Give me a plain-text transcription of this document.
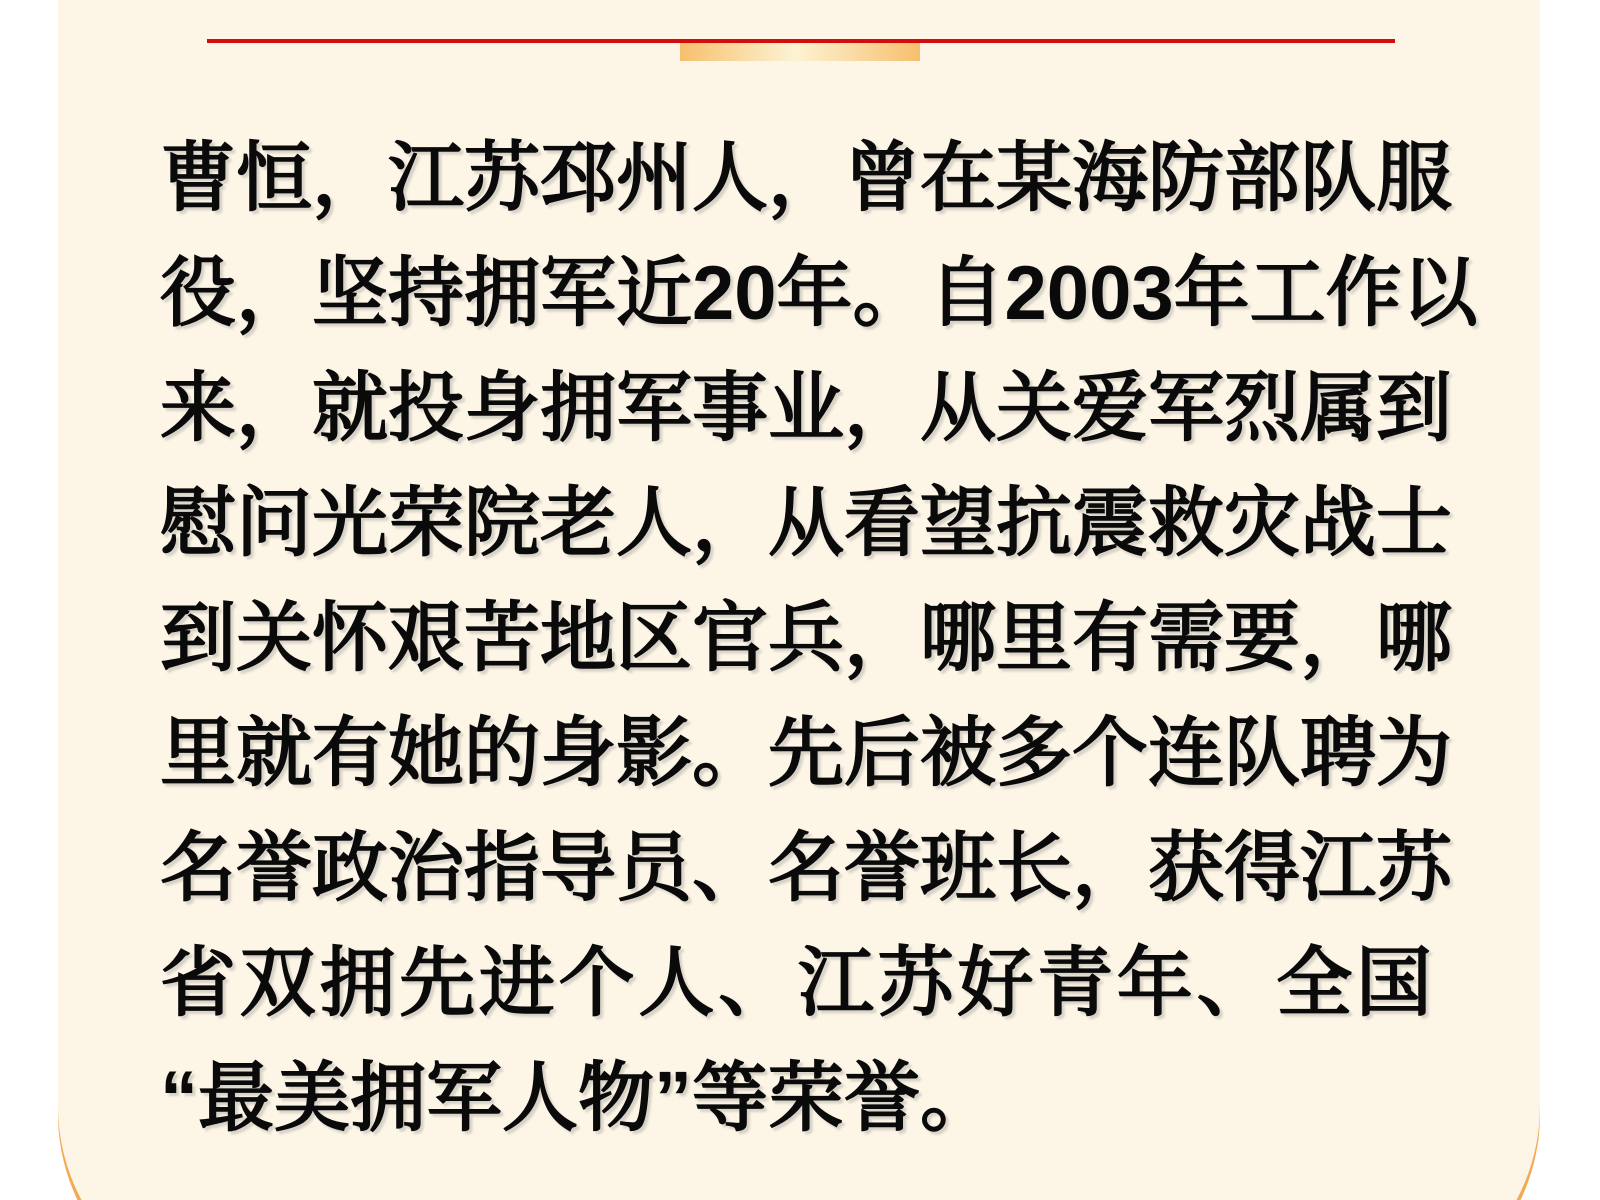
曹恒，江苏邳州人，曾在某海防部队服
役，坚持拥军近20年。自2003年工作以
来，就投身拥军事业，从关爱军烈属到
慰问光荣院老人，从看望抗震救灾战士
到关怀艰苦地区官兵，哪里有需要，哪
里就有她的身影。先后被多个连队聘为
名誉政治指导员、名誉班长，获得江苏
省双拥先进个人、江苏好青年、全国
“最美拥军人物”等荣誉。
